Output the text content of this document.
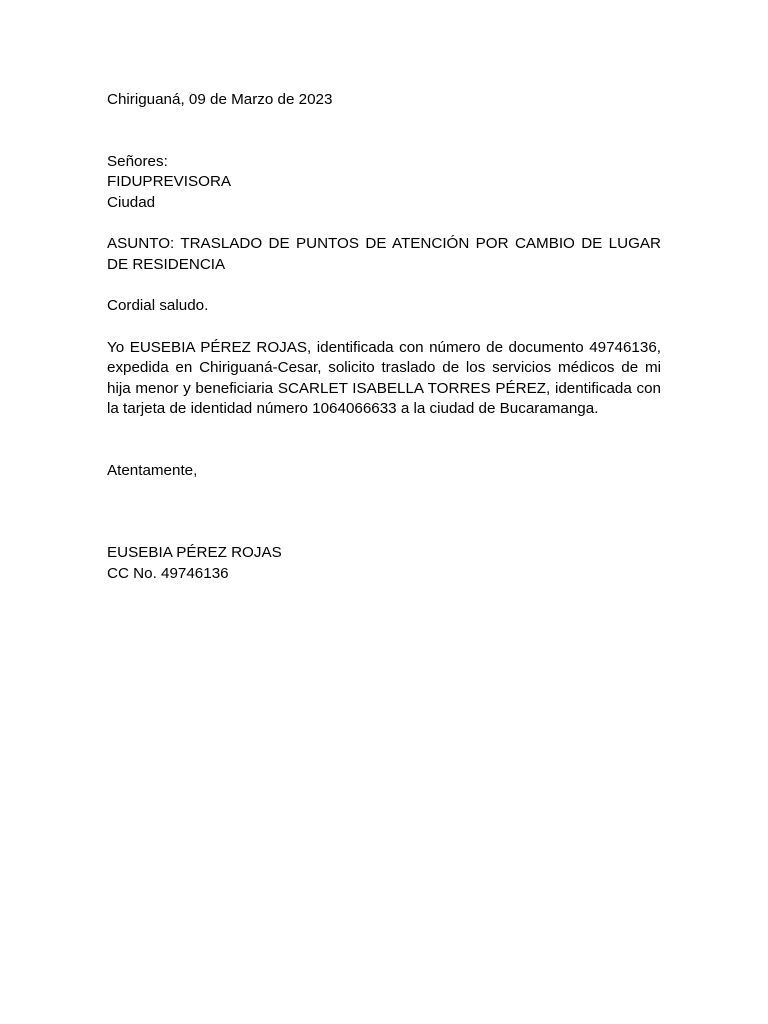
Chiriguaná, 09 de Marzo de 2023

Señores:

FIDUPREVISORA

Ciudad

ASUNTO: TRASLADO DE PUNTOS DE ATENCIÓN POR CAMBIO DE LUGAR DE RESIDENCIA

Cordial saludo.

Yo EUSEBIA PÉREZ ROJAS, identificada con número de documento 49746136, expedida en Chiriguaná-Cesar, solicito traslado de los servicios médicos de mi hija menor y beneficiaria SCARLET ISABELLA TORRES PÉREZ, identificada con la tarjeta de identidad número 1064066633 a la ciudad de Bucaramanga.

Atentamente,

EUSEBIA PÉREZ ROJAS

CC No. 49746136
